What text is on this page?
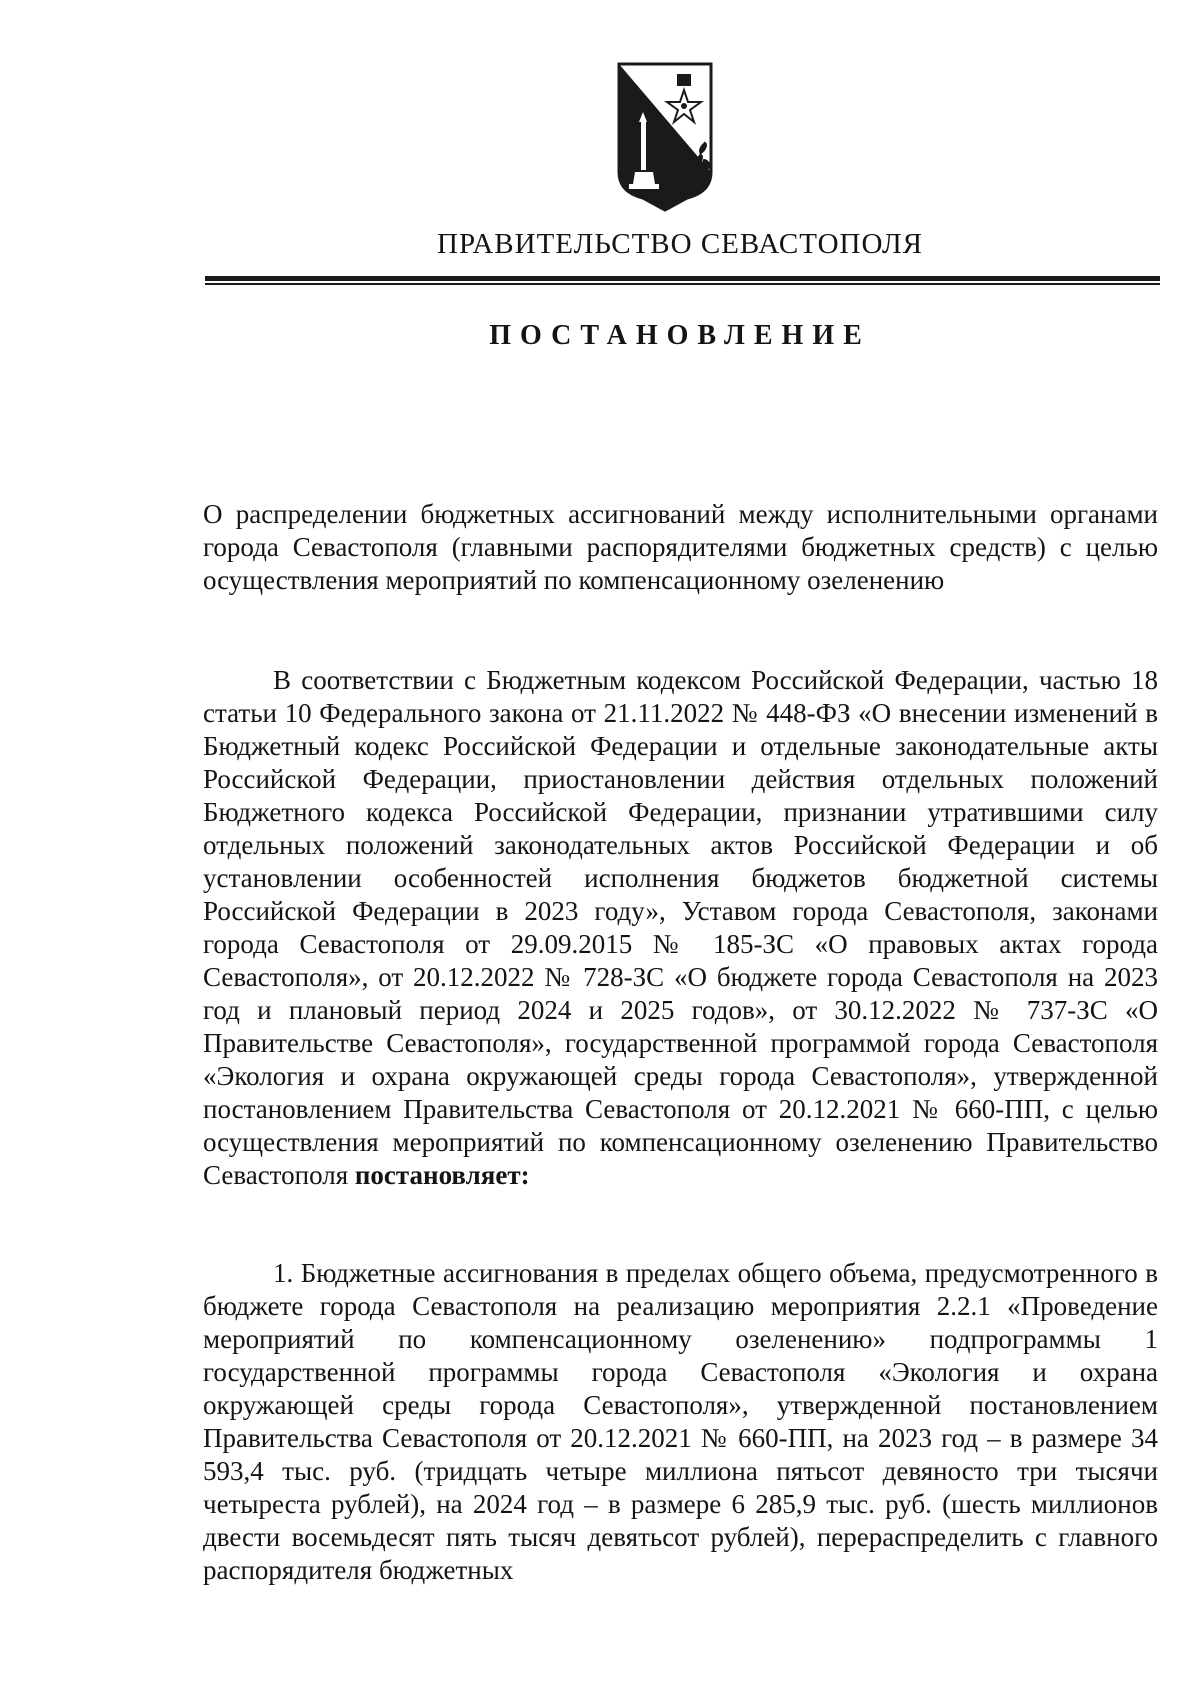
ПРАВИТЕЛЬСТВО СЕВАСТОПОЛЯ
ПОСТАНОВЛЕНИЕ

О распределении бюджетных ассигнований между исполнительными органами города Севастополя (главными распорядителями бюджетных средств) с целью осуществления мероприятий по компенсационному озеленению

В соответствии с Бюджетным кодексом Российской Федерации, частью 18 статьи 10 Федерального закона от 21.11.2022 № 448-ФЗ «О внесении изменений в Бюджетный кодекс Российской Федерации и отдельные законодательные акты Российской Федерации, приостановлении действия отдельных положений Бюджетного кодекса Российской Федерации, признании утратившими силу отдельных положений законодательных актов Российской Федерации и об установлении особенностей исполнения бюджетов бюджетной системы Российской Федерации в 2023 году», Уставом города Севастополя, законами города Севастополя от 29.09.2015 № 185-ЗС «О правовых актах города Севастополя», от 20.12.2022 № 728-ЗС «О бюджете города Севастополя на 2023 год и плановый период 2024 и 2025 годов», от 30.12.2022 № 737-ЗС «О Правительстве Севастополя», государственной программой города Севастополя «Экология и охрана окружающей среды города Севастополя», утвержденной постановлением Правительства Севастополя от 20.12.2021 № 660-ПП, с целью осуществления мероприятий по компенсационному озеленению Правительство Севастополя постановляет:

1. Бюджетные ассигнования в пределах общего объема, предусмотренного в бюджете города Севастополя на реализацию мероприятия 2.2.1 «Проведение мероприятий по компенсационному озеленению» подпрограммы 1 государственной программы города Севастополя «Экология и охрана окружающей среды города Севастополя», утвержденной постановлением Правительства Севастополя от 20.12.2021 № 660-ПП, на 2023 год – в размере 34 593,4 тыс. руб. (тридцать четыре миллиона пятьсот девяносто три тысячи четыреста рублей), на 2024 год – в размере 6 285,9 тыс. руб. (шесть миллионов двести восемьдесят пять тысяч девятьсот рублей), перераспределить с главного распорядителя бюджетных
